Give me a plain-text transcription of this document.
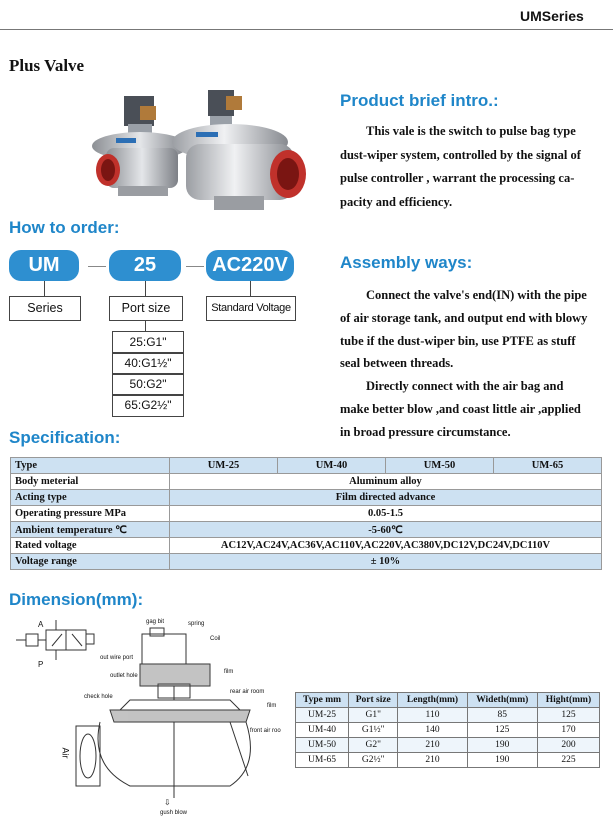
UMSeries
Plus Valve
Product brief intro.:
This vale is the switch to pulse bag type
dust-wiper system, controlled by the signal of
pulse controller , warrant the processing ca-
pacity and efficiency.
How to order:
UM	25	AC220V
Series	Port size	Standard Voltage
25:G1"
40:G1½"
50:G2"
65:G2½"
Assembly ways:
Connect the valve's end(IN) with the pipe
of air storage tank, and output end with blowy
tube if the dust-wiper bin, use PTFE as stuff
seal between threads.
Directly connect with the air bag and
make better blow ,and coast little air ,applied
in broad pressure circumstance.
Specification:
Type	UM-25	UM-40	UM-50	UM-65
Body meterial	Aluminum alloy			
Acting type	Film directed advance			
Operating pressure MPa	0.05-1.5			
Ambient temperature ℃	-5-60℃			
Rated voltage	AC12V,AC24V,AC36V,AC110V,AC220V,AC380V,DC12V,DC24V,DC110V			
Voltage range	± 10%			
Dimension(mm):
A
P
gag bit	spring
Coil
out wire port
outlet hole
film
rear air room
film
check hole
front air roo
Air
⇩
gush blow
Type mm	Port size	Length(mm)	Wideth(mm)	Hight(mm)
UM-25	G1"	110	85	125
UM-40	G1½"	140	125	170
UM-50	G2"	210	190	200
UM-65	G2½"	210	190	225
